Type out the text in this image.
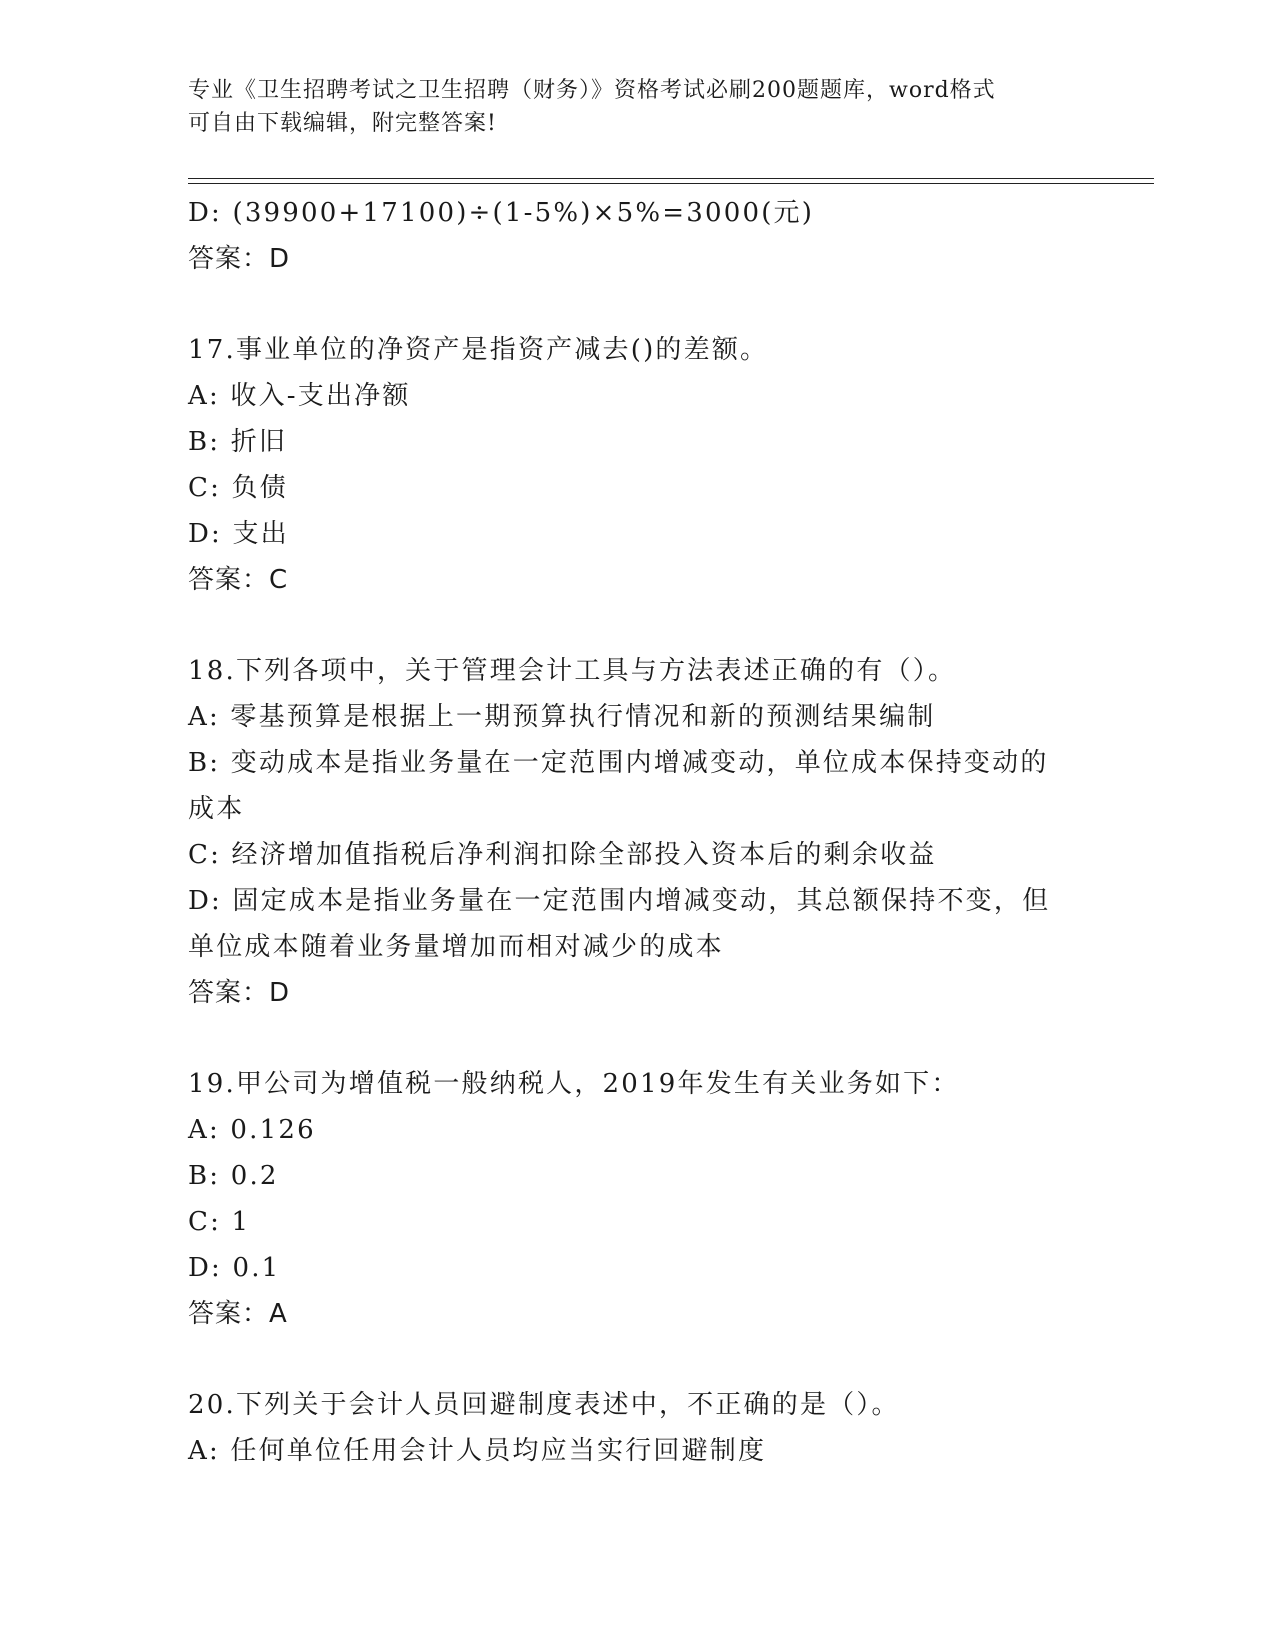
专业《卫生招聘考试之卫生招聘（财务）》资格考试必刷200题题库，word格式
可自由下载编辑，附完整答案!
D: (39900+17100)÷(1-5%)×5%=3000(元)
答案：D
17.事业单位的净资产是指资产减去()的差额。
A: 收入-支出净额
B: 折旧
C: 负债
D: 支出
答案：C
18.下列各项中，关于管理会计工具与方法表述正确的有（）。
A: 零基预算是根据上一期预算执行情况和新的预测结果编制
B: 变动成本是指业务量在一定范围内增减变动，单位成本保持变动的成本
C: 经济增加值指税后净利润扣除全部投入资本后的剩余收益
D: 固定成本是指业务量在一定范围内增减变动，其总额保持不变，但单位成本随着业务量增加而相对减少的成本
答案：D
19.甲公司为增值税一般纳税人，2019年发生有关业务如下：
A: 0.126
B: 0.2
C: 1
D: 0.1
答案：A
20.下列关于会计人员回避制度表述中，不正确的是（）。
A: 任何单位任用会计人员均应当实行回避制度
